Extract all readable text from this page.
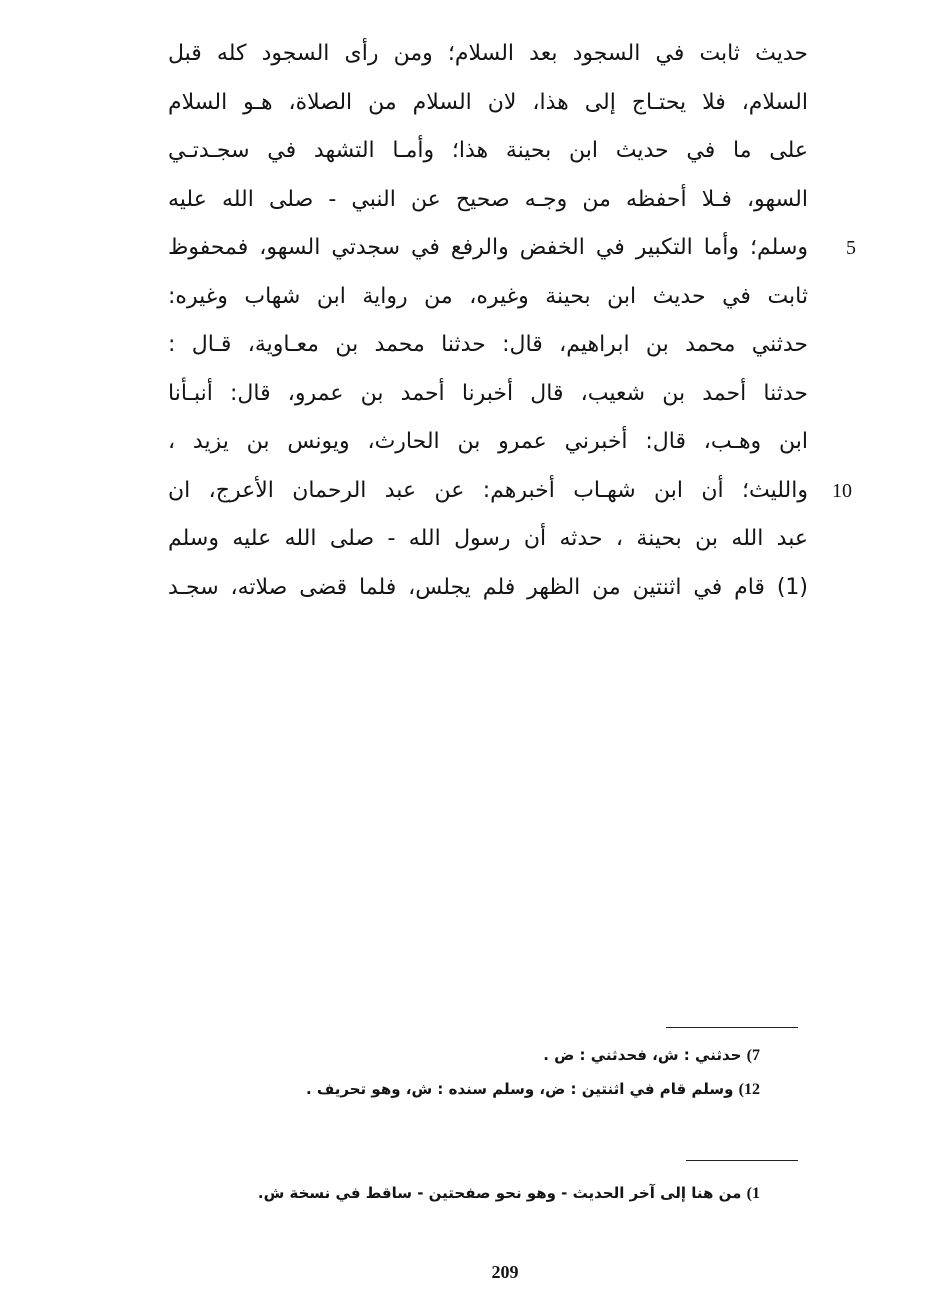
حديث ثابت في السجود بعد السلام؛ ومن رأى السجود كله قبل
السلام، فلا يحتـاج إلى هذا، لان السلام من الصلاة، هـو السلام
على ما في حديث ابن بحينة هذا؛ وأمـا التشهد في سجـدتـي
السهو، فـلا أحفظه من وجـه صحيح عن النبي - صلى الله عليه
وسلم؛ وأما التكبير في الخفض والرفع في سجدتي السهو، فمحفوظ
ثابت في حديث ابن بحينة وغيره، من رواية ابن شهاب وغيره:
حدثني محمد بن ابراهيم، قال: حدثنا محمد بن معـاوية، قـال :
حدثنا أحمد بن شعيب، قال أخبرنا أحمد بن عمرو، قال: أنبـأنا
ابن وهـب، قال: أخبرني عمرو بن الحارث، ويونس بن يزيد ،
والليث؛ أن ابن شهـاب أخبرهم: عن عبد الرحمان الأعرج، ان
عبد الله بن بحينة ، حدثه أن رسول الله - صلى الله عليه وسلم
(1) قام في اثنتين من الظهر فلم يجلس، فلما قضى صلاته، سجـد
5
10
7) حدثني : ش، فحدثني : ض .
12) وسلم قام في اثنتين : ض، وسلم سنده : ش، وهو تحريف .
1) من هنا إلى آخر الحديث - وهو نحو صفحتين - ساقط في نسخة ش.
209
